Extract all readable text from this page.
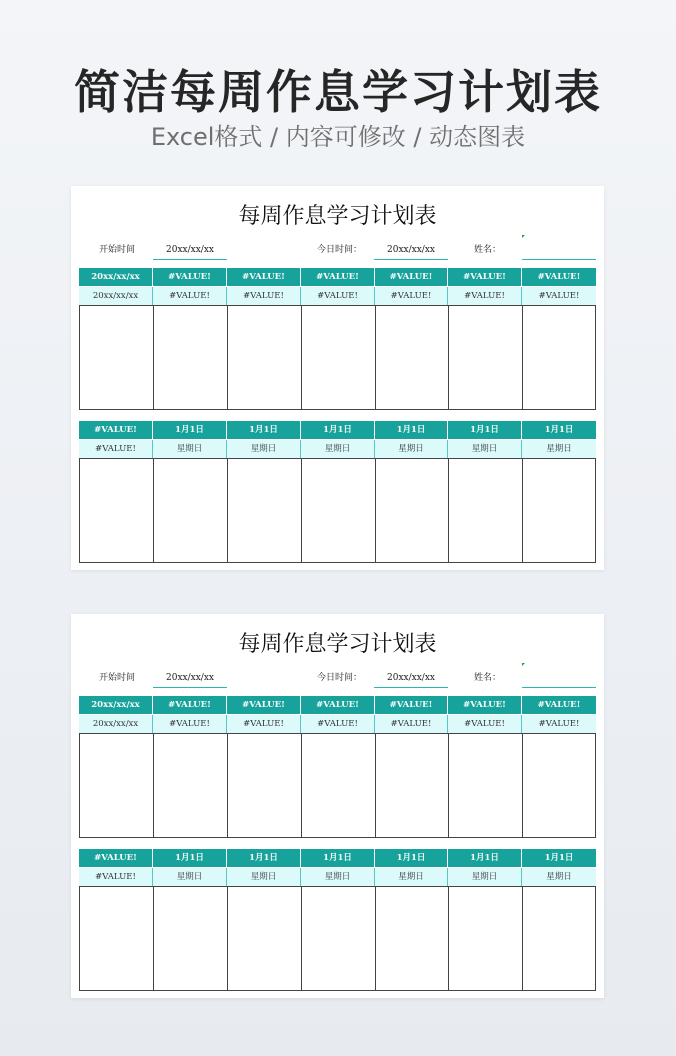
简洁每周作息学习计划表
Excel格式 / 内容可修改 / 动态图表
每周作息学习计划表
开始时间	20xx/xx/xx	今日时间：	20xx/xx/xx	姓名：
20xx/xx/xx	#VALUE!	#VALUE!	#VALUE!	#VALUE!	#VALUE!	#VALUE!
20xx/xx/xx	#VALUE!	#VALUE!	#VALUE!	#VALUE!	#VALUE!	#VALUE!
#VALUE!	1月1日	1月1日	1月1日	1月1日	1月1日	1月1日
#VALUE!	星期日	星期日	星期日	星期日	星期日	星期日
每周作息学习计划表
开始时间	20xx/xx/xx	今日时间：	20xx/xx/xx	姓名：
20xx/xx/xx	#VALUE!	#VALUE!	#VALUE!	#VALUE!	#VALUE!	#VALUE!
20xx/xx/xx	#VALUE!	#VALUE!	#VALUE!	#VALUE!	#VALUE!	#VALUE!
#VALUE!	1月1日	1月1日	1月1日	1月1日	1月1日	1月1日
#VALUE!	星期日	星期日	星期日	星期日	星期日	星期日
